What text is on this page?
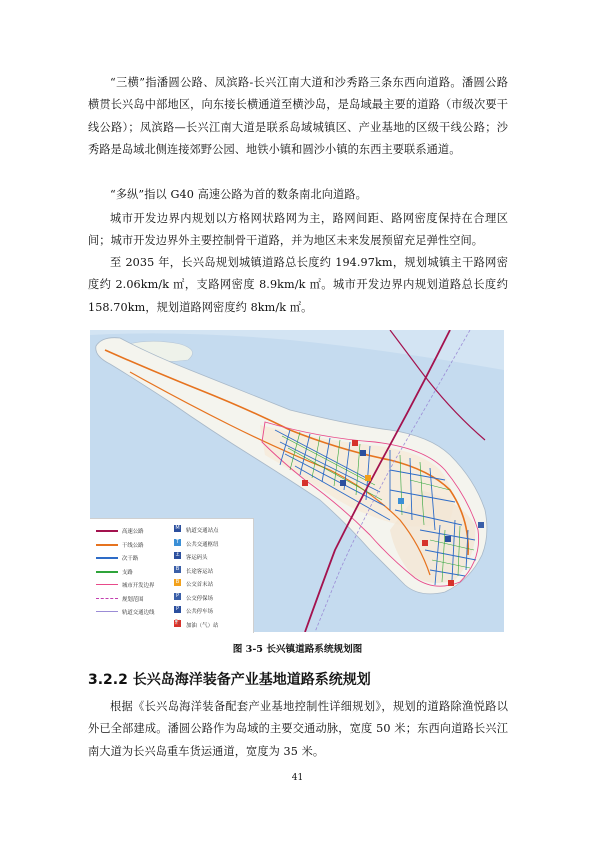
“三横”指潘圆公路、凤滨路-长兴江南大道和沙秀路三条东西向道路。潘圆公路横贯长兴岛中部地区，向东接长横通道至横沙岛，是岛域最主要的道路（市级次要干线公路）；凤滨路—长兴江南大道是联系岛域城镇区、产业基地的区级干线公路；沙秀路是岛域北侧连接郊野公园、地铁小镇和圆沙小镇的东西主要联系通道。

“多纵”指以 G40 高速公路为首的数条南北向道路。

城市开发边界内规划以方格网状路网为主，路网间距、路网密度保持在合理区间；城市开发边界外主要控制骨干道路，并为地区未来发展预留充足弹性空间。

至 2035 年，长兴岛规划城镇道路总长度约 194.97km，规划城镇主干路网密度约 2.06km/k ㎡，支路网密度 8.9km/k ㎡。城市开发边界内规划道路总长度约 158.70km，规划道路网密度约 8km/k ㎡。

高速公路
干线公路
次干路
支路
城市开发边界
规划范围
轨道交通边线
M 轨道交通站点
T	公共交通枢纽
⚓ 客运码头
B	长途客运站
B	公交首末站
P	公交停保场
P	公共停车场
⛽ 加油（气）站
图 3-5 长兴镇道路系统规划图
3.2.2 长兴岛海洋装备产业基地道路系统规划

根据《长兴岛海洋装备配套产业基地控制性详细规划》，规划的道路除渔悦路以外已全部建成。潘圆公路作为岛域的主要交通动脉，宽度 50 米；东西向道路长兴江南大道为长兴岛重车货运通道，宽度为 35 米。

41
